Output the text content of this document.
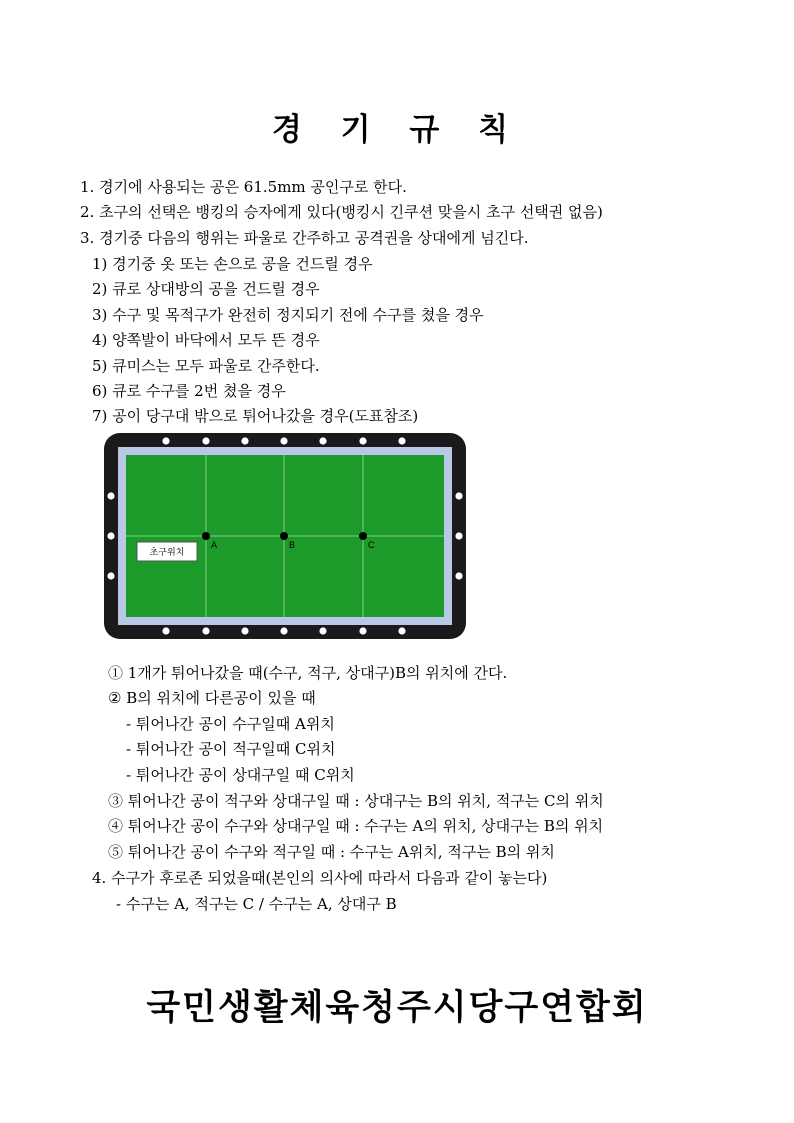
경 기 규 칙
1. 경기에 사용되는 공은 61.5mm 공인구로 한다.
2. 초구의 선택은 뱅킹의 승자에게 있다(뱅킹시 긴쿠션 맞을시 초구 선택권 없음)
3. 경기중 다음의 행위는 파울로 간주하고 공격권을 상대에게 넘긴다.
1) 경기중 옷 또는 손으로 공을 건드릴 경우
2) 큐로 상대방의 공을 건드릴 경우
3) 수구 및 목적구가 완전히 정지되기 전에 수구를 쳤을 경우
4) 양쪽발이 바닥에서 모두 뜬 경우
5) 큐미스는 모두 파울로 간주한다.
6) 큐로 수구를 2번 쳤을 경우
7) 공이 당구대 밖으로 튀어나갔을 경우(도표참조)
A	B	C
초구위치
① 1개가 튀어나갔을 때(수구, 적구, 상대구)B의 위치에 간다.
② B의 위치에 다른공이 있을 때
- 튀어나간 공이 수구일때 A위치
- 튀어나간 공이 적구일때 C위치
- 튀어나간 공이 상대구일 때 C위치
③ 튀어나간 공이 적구와 상대구일 때 : 상대구는 B의 위치, 적구는 C의 위치
④ 튀어나간 공이 수구와 상대구일 때 : 수구는 A의 위치, 상대구는 B의 위치
⑤ 튀어나간 공이 수구와 적구일 때 : 수구는 A위치, 적구는 B의 위치
4. 수구가 후로존 되었을때(본인의 의사에 따라서 다음과 같이 놓는다)
- 수구는 A, 적구는 C / 수구는 A, 상대구 B
국민생활체육청주시당구연합회
